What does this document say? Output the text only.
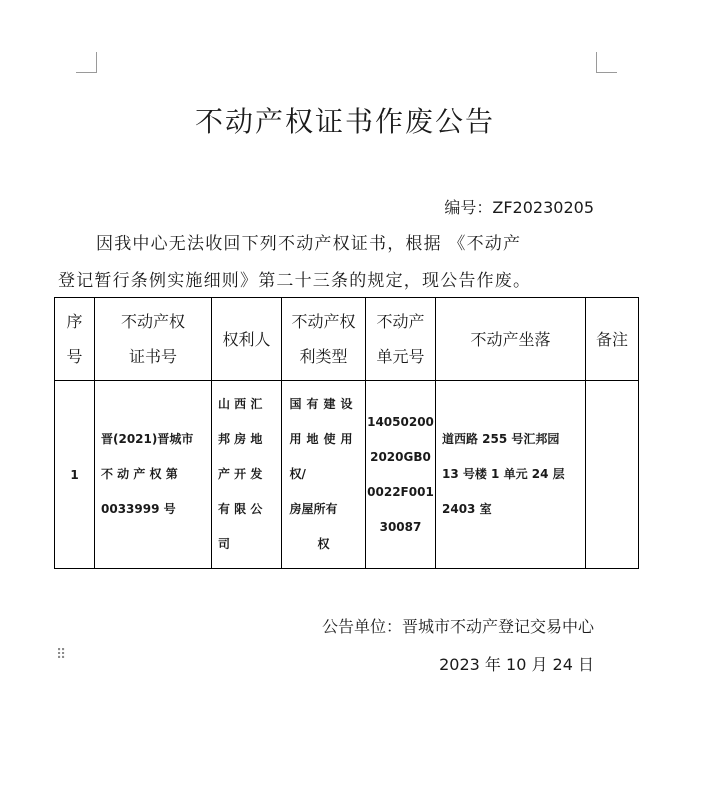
不动产权证书作废公告
编号：ZF20230205
因我中心无法收回下列不动产权证书，根据 《不动产
登记暂行条例实施细则》第二十三条的规定，现公告作废。
序
号	不动产权
证书号	权利人	不动产权
利类型	不动产
单元号	不动产坐落	备注
1	晋(2021)晋城市
不 动 产 权 第
0033999 号	山 西 汇
邦 房 地
产 开 发
有 限 公
司	国有建设
用地使用
权/
房屋所有

权	14050200
2020GB0
0022F001
30087	道西路 255 号汇邦园
13 号楼 1 单元 24 层
2403 室	
公告单位：晋城市不动产登记交易中心
⠿	2023 年 10 月 24 日
